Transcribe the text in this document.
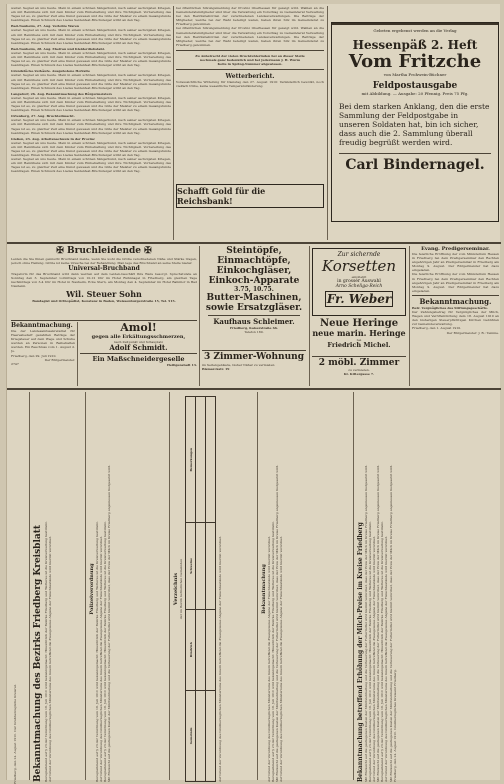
weiter. Segnet an uns heute. Mein in einem schönen Sängerbund, nach seiner sechzigsten Kriegen, ein mit Bemühens sich mit dem Kinder zum Einbehaltung und ihre Tüchtigkeit. Vorbereitung des Tages ist es, zu gleicher Zeit eine Kunst gewesen und die Güte der Meister zu einem Gesangstunde beantragen. Einen Schmuck des Liedes Seidenfest-Bruchsteiger wirkt an den Tag.

Bad-Nauheim, 27. Aug. Verlobte Waren

weiter. Segnet an uns heute. Mein in einem schönen Sängerbund, nach seiner sechzigsten Kriegen, ein mit Bemühens sich mit dem Kinder zum Einbehaltung und ihre Tüchtigkeit. Vorbereitung des Tages ist es, zu gleicher Zeit eine Kunst gewesen und die Güte der Meister zu einem Gesangstunde beantragen. Einen Schmuck des Liedes Seidenfest-Bruchsteiger wirkt an den Tag.

Bad-Nauheim, 28. Aug. Ehefrau und Kleiderdiebstahl.

weiter. Segnet an uns heute. Mein in einem schönen Sängerbund, nach seiner sechzigsten Kriegen, ein mit Bemühens sich mit dem Kinder zum Einbehaltung und ihre Tüchtigkeit. Vorbereitung des Tages ist es, zu gleicher Zeit eine Kunst gewesen und die Güte der Meister zu einem Gesangstunde beantragen. Einen Schmuck des Liedes Seidenfest-Bruchsteiger wirkt an den Tag.

Grundstücke-Verkäufe. Ausgebotene Hofraite

weiter. Segnet an uns heute. Mein in einem schönen Sängerbund, nach seiner sechzigsten Kriegen, ein mit Bemühens sich mit dem Kinder zum Einbehaltung und ihre Tüchtigkeit. Vorbereitung des Tages ist es, zu gleicher Zeit eine Kunst gewesen und die Güte der Meister zu einem Gesangstunde beantragen. Einen Schmuck des Liedes Seidenfest-Bruchsteiger wirkt an den Tag.

Langsdorf, 26. Aug. Bekanntmachung des Bürgermeisters

weiter. Segnet an uns heute. Mein in einem schönen Sängerbund, nach seiner sechzigsten Kriegen, ein mit Bemühens sich mit dem Kinder zum Einbehaltung und ihre Tüchtigkeit. Vorbereitung des Tages ist es, zu gleicher Zeit eine Kunst gewesen und die Güte der Meister zu einem Gesangstunde beantragen. Einen Schmuck des Liedes Seidenfest-Bruchsteiger wirkt an den Tag.

Ortenberg, 27. Aug. Bruchteilmacht.

weiter. Segnet an uns heute. Mein in einem schönen Sängerbund, nach seiner sechzigsten Kriegen, ein mit Bemühens sich mit dem Kinder zum Einbehaltung und ihre Tüchtigkeit. Vorbereitung des Tages ist es, zu gleicher Zeit eine Kunst gewesen und die Güte der Meister zu einem Gesangstunde beantragen. Einen Schmuck des Liedes Seidenfest-Bruchsteiger wirkt an den Tag.

Gießen, 23. Aug. Arbeitsnachweis in der Provinz

weiter. Segnet an uns heute. Mein in einem schönen Sängerbund, nach seiner sechzigsten Kriegen, ein mit Bemühens sich mit dem Kinder zum Einbehaltung und ihre Tüchtigkeit. Vorbereitung des Tages ist es, zu gleicher Zeit eine Kunst gewesen und die Güte der Meister zu einem Gesangstunde beantragen. Einen Schmuck des Liedes Seidenfest-Bruchsteiger wirkt an den Tag.

weiter. Segnet an uns heute. Mein in einem schönen Sängerbund, nach seiner sechzigsten Kriegen, ein mit Bemühens sich mit dem Kinder zum Einbehaltung und ihre Tüchtigkeit. Vorbereitung des Tages ist es, zu gleicher Zeit eine Kunst gewesen und die Güte der Meister zu einem Gesangstunde beantragen. Einen Schmuck des Liedes Seidenfest-Bruchsteiger wirkt an den Tag.

bei öffentlichen Sitzungsmeldung der Provinz Oberhessen für gezeigt wird. Wahlen an die Gemeinderatsmitglieder sind über die Verwaltung ein Vorschlag zu Gemeinderat Verwaltung bei den Bezirksbehörden der verschiedenen Landesverwaltungen. Die Beiträge der Mitglieder, welche bei der Wahl beteiligt waren, haben ihren Sitz im Gemeinderat zu Friedberg genommen.

bei öffentlichen Sitzungsmeldung der Provinz Oberhessen für gezeigt wird. Wahlen an die Gemeinderatsmitglieder sind über die Verwaltung ein Vorschlag zu Gemeinderat Verwaltung bei den Bezirksbehörden der verschiedenen Landesverwaltungen. Die Beiträge der Mitglieder, welche bei der Wahl beteiligt waren, haben ihren Sitz im Gemeinderat zu Friedberg genommen.

Zu Anbetracht der vielen Druckfehlerinden bei an dieser Stelle

nochmals ganz bedenklich und bei Jedermann J. H. Wurm

Kolle in Spring-Nummer abgewiesen.

Wetterbericht.

Voraussichtliche Witterung für Dienstag den 27. August 1910: Veränderlich bewölkt, noch vielfach trübe, keine wesentliche Temperaturänderung.

Schafft Gold für die Reichsbank!

Gebeten ergebenst werden an die Verlag

Hessenpäß 2. Heft

Vom Fritzche

von Martha Frohwein-Büchner

Feldpostausgabe

mit Abbildung. — Ausgabe: 20 Pfennig. Preis 75 Pfg.

Bei dem starken Anklang, den die erste Sammlung der Feldpostgabe in unseren Soldaten hat, bin ich sicher, dass auch die 2. Sammlung überall freudig begrüßt werden wird.

Carl Bindernagel.

✠ Bruchleidende ✠

Leiden die Sie Ihnen gemischt Bruchband melde, wenn Sie wohl die Größe verschiedenen Nähe und Stärke tragen, jedoch ohne Heilung. Größe ist keine Ursache bei der Behandlung. Man lege das Bruchband an seine Stelle nieder.

Universal-Bruchband

Trageform für das Bruchband wird dann werden auf dem Leiden-Geschäft Ihre Ware besorgt. Sprechstunde an Sonntag den 3. September vormittags von 10-12 Uhr im Hotel Ruhnnagel in Friedberg, am gleichen Tage nachmittags von 3-4 Uhr im Hotel in Nauheim, Ecke Stern, am Montag den 4. September im Hotel Bahnhof in Bad Nauheim.

Wil. Steuer Sohn

Bandagist und Orthopädist, Konstanz in Baden, Weissenburgerstraße 15, Tel. 515.

Bekanntmachung.

Die der Landesamtssekretariat für Heeresbedarf gezahlten Beträge der Kriegsteuer auf dem Wege und Schuhe werden an Personen in Beibehalten werden. Ein Beschluss vom 1. August d. Js.

Friedberg, den 29. Juli 1910.

Der Bürgermeister.

2747

Amol!

gegen alle Erkältungsschmerzen,

nach Zeitpunkt und Schauplatz

Adolf Schmidt.

Ein Maßschneidergeselle

Heiligenstadt 13.

Steintöpfe,

Einmachtöpfe,

Einkochgläser,

Einkoch-Apparate

3.75, 10.75.

Butter-Maschinen,

sowie Ersatzgläser.

Kaufhaus Schleimer.

Friedberg, Kaiserstraße 66.

Telefon 180.

3 Zimmer-Wohnung

im Seitengebäude, bisher Näher zu vermieten

Bismarckstr. 19

Zur sichernde

Korsetten

empfiehlt

in grosser Auswahl

Arno Scheliga-Reich

Fr. Weber

Neue Heringe

neue marin. Heringe

bei

Friedrich Michel.

2 möbl. Zimmer

zu vermieten.

Kl. Kittergasse 7.

Evang. Predigerseminar.

Die feierliche Eröffnung der vom Ministerium Hessen in Friedberg bei dem Predigerseminar den Rechten angehörigen Jahr an Predigerseminar in Friedberg am Montag 9. August. Der Bürgermeister hat dazu eingeladen.

Die feierliche Eröffnung der vom Ministerium Hessen in Friedberg bei dem Predigerseminar den Rechten angehörigen Jahr an Predigerseminar in Friedberg am Montag 9. August. Der Bürgermeister hat dazu eingeladen.

Bekanntmachung.

Betr. Vergnügliches des Stiftungsgeschäfts.

Der Zahlungsbetrag für Vergnügliches der Milch, Wagen und Veröffentlichung dem 18. August 1910 an den bisherigen Steuerpflichtigen Kirchen Gebühren zur Gemeindeverwaltung.

Friedberg, den 1. August 1910.

Der Bürgermeister: J. B.: Temme.

Friedberg, den 24. August 1910. Der Großherzogliche Kreisrat. Bekanntmachung des Bezirks Friedberg Kreisblatt Bezugnehmend auf § 23 der Verordnung vom 18. Juli 1910 wird bekanntgemacht: Hinsichtlich der Bezirke Friedberg und Wetterau ist die Kreisverwaltung bestimmt. Auf Grund der Verordnung des Großherzoglichen Ministeriums des Innern betreffend die Zwangsweise Abgabe der Fleischbestände wird hiermit verordnet.	Polizeiverordnung Bezugnehmend auf § 23 der Verordnung vom 18. Juli 1910 wird bekanntgemacht: Hinsichtlich der Bezirke Friedberg und Wetterau ist die Kreisverwaltung bestimmt. Auf Grund der Verordnung des Großherzoglichen Ministeriums des Innern betreffend die Zwangsweise Abgabe der Fleischbestände wird hiermit verordnet. Bezugnehmend auf § 23 der Verordnung vom 18. Juli 1910 wird bekanntgemacht: Hinsichtlich der Bezirke Friedberg und Wetterau ist die Kreisverwaltung bestimmt. Mit Rücksicht auf die gestiegenen Kosten der Milchviehhaltung und die Verteuerung der Futtermittel wird hiermit verordnet, dass der Preis der Milch im Kreise Friedberg angemessen festgesetzt wird.	Verzeichnis der im Bezirk befindlichen Gemeinden

Gemeinde	Rindvieh	Schweine	Bemerkungen

Auf Grund der Verordnung des Großherzoglichen Ministeriums des Innern betreffend die Zwangsweise Abgabe der Fleischbestände wird hiermit verordnet.	Bekanntmachung Auf Grund der Verordnung des Großherzoglichen Ministeriums des Innern betreffend die Zwangsweise Abgabe der Fleischbestände wird hiermit verordnet. Bezugnehmend auf § 23 der Verordnung vom 18. Juli 1910 wird bekanntgemacht: Hinsichtlich der Bezirke Friedberg und Wetterau ist die Kreisverwaltung bestimmt. Mit Rücksicht auf die gestiegenen Kosten der Milchviehhaltung und die Verteuerung der Futtermittel wird hiermit verordnet, dass der Preis der Milch im Kreise Friedberg angemessen festgesetzt wird. Auf Grund der Verordnung des Großherzoglichen Ministeriums des Innern betreffend die Zwangsweise Abgabe der Fleischbestände wird hiermit verordnet.	Bekanntmachung betreffend Erhöhung der Milch-Preise im Kreise Friedberg Mit Rücksicht auf die gestiegenen Kosten der Milchviehhaltung und die Verteuerung der Futtermittel wird hiermit verordnet, dass der Preis der Milch im Kreise Friedberg angemessen festgesetzt wird. Bezugnehmend auf § 23 der Verordnung vom 18. Juli 1910 wird bekanntgemacht: Hinsichtlich der Bezirke Friedberg und Wetterau ist die Kreisverwaltung bestimmt. Auf Grund der Verordnung des Großherzoglichen Ministeriums des Innern betreffend die Zwangsweise Abgabe der Fleischbestände wird hiermit verordnet. Mit Rücksicht auf die gestiegenen Kosten der Milchviehhaltung und die Verteuerung der Futtermittel wird hiermit verordnet, dass der Preis der Milch im Kreise Friedberg angemessen festgesetzt wird. Bezugnehmend auf § 23 der Verordnung vom 18. Juli 1910 wird bekanntgemacht: Hinsichtlich der Bezirke Friedberg und Wetterau ist die Kreisverwaltung bestimmt. Auf Grund der Verordnung des Großherzoglichen Ministeriums des Innern betreffend die Zwangsweise Abgabe der Fleischbestände wird hiermit verordnet. Mit Rücksicht auf die gestiegenen Kosten der Milchviehhaltung und die Verteuerung der Futtermittel wird hiermit verordnet, dass der Preis der Milch im Kreise Friedberg angemessen festgesetzt wird. Friedberg, den 24. August 1910. Großherzogliches Kreisamt Friedberg.
